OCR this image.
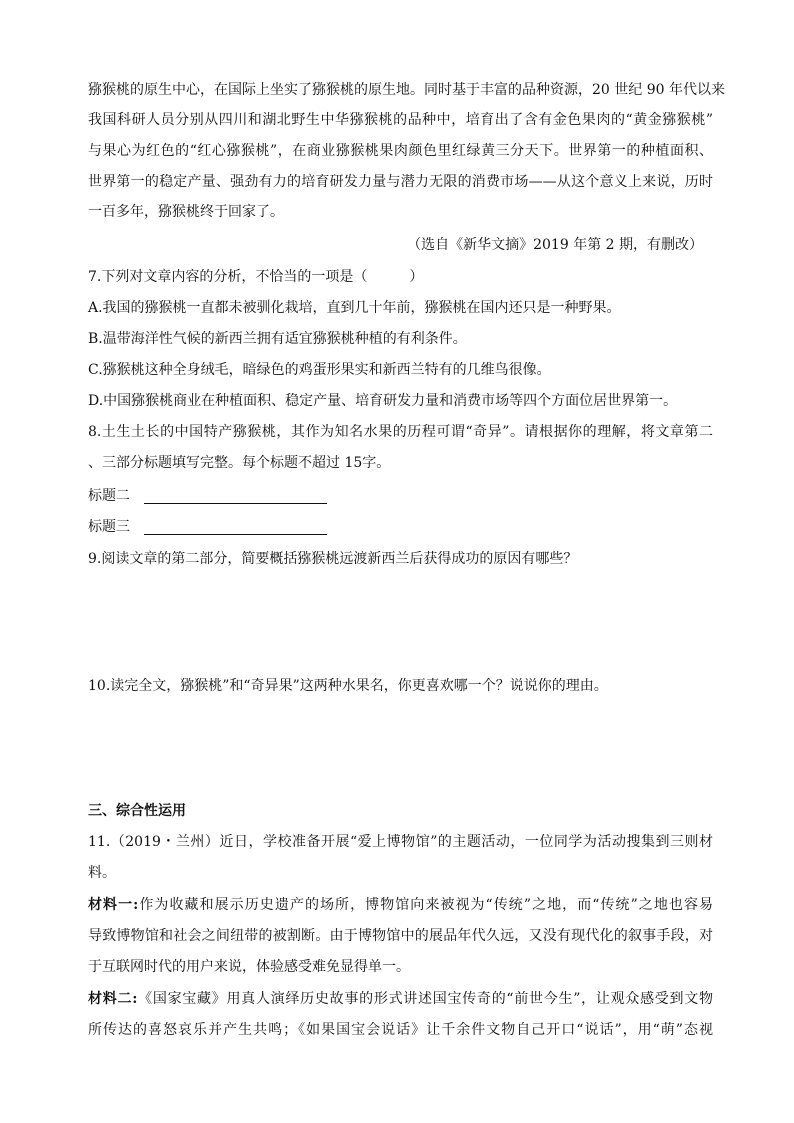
猕猴桃的原生中心，在国际上坐实了猕猴桃的原生地。同时基于丰富的品种资源，20 世纪 90 年代以来
我国科研人员分别从四川和湖北野生中华猕猴桃的品种中，培育出了含有金色果肉的“黄金猕猴桃”
与果心为红色的“红心猕猴桃”，在商业猕猴桃果肉颜色里红绿黄三分天下。世界第一的种植面积、
世界第一的稳定产量、强劲有力的培育研发力量与潜力无限的消费市场——从这个意义上来说，历时
一百多年，猕猴桃终于回家了。
（选自《新华文摘》2019 年第 2 期，有删改）
7.下列对文章内容的分析，不恰当的一项是（　　　）
A.我国的猕猴桃一直都未被驯化栽培，直到几十年前，猕猴桃在国内还只是一种野果。
B.温带海洋性气候的新西兰拥有适宜猕猴桃种植的有利条件。
C.猕猴桃这种全身绒毛，暗绿色的鸡蛋形果实和新西兰特有的几维鸟很像。
D.中国猕猴桃商业在种植面积、稳定产量、培育研发力量和消费市场等四个方面位居世界第一。
8.土生土长的中国特产猕猴桃，其作为知名水果的历程可谓“奇异”。请根据你的理解，将文章第二
、三部分标题填写完整。每个标题不超过 15字。
标题二
标题三
9.阅读文章的第二部分，简要概括猕猴桃远渡新西兰后获得成功的原因有哪些？
10.读完全文，猕猴桃”和“奇异果”这两种水果名，你更喜欢哪一个？说说你的理由。
三、综合性运用
11.（2019・兰州）近日，学校准备开展“爱上博物馆”的主题活动，一位同学为活动搜集到三则材
料。
材料一:作为收藏和展示历史遗产的场所，博物馆向来被视为“传统”之地，而“传统”之地也容易
导致博物馆和社会之间纽带的被割断。由于博物馆中的展品年代久远，又没有现代化的叙事手段，对
于互联网时代的用户来说，体验感受难免显得单一。
材料二:《国家宝藏》用真人演绎历史故事的形式讲述国宝传奇的“前世今生”，让观众感受到文物
所传达的喜怒哀乐并产生共鸣；《如果国宝会说话》让千余件文物自己开口“说话”，用“萌”态视
